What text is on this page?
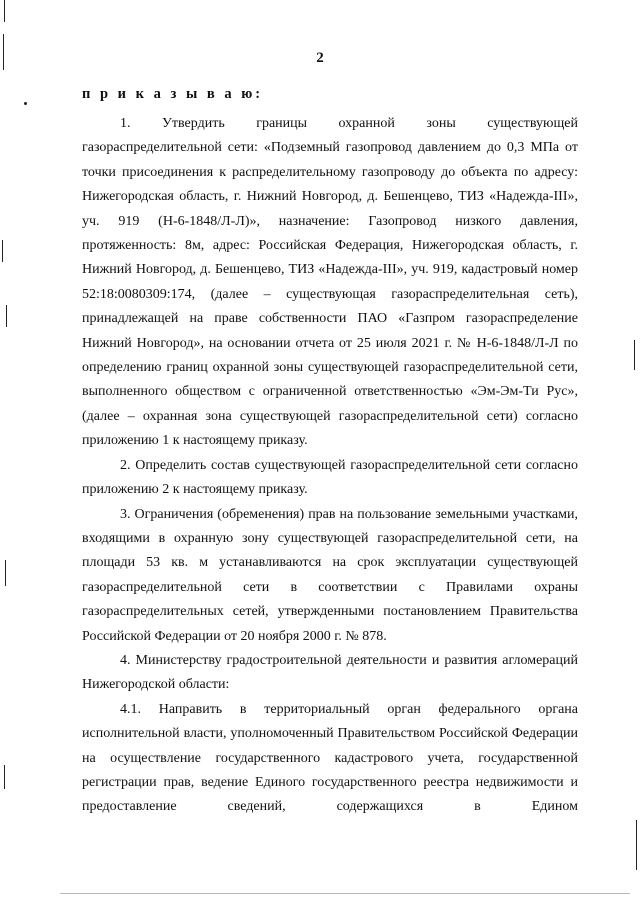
2
п р и к а з ы в а ю:

1. Утвердить границы охранной зоны существующей газораспределительной сети: «Подземный газопровод давлением до 0,3 МПа от точки присоединения к распределительному газопроводу до объекта по адресу: Нижегородская область, г. Нижний Новгород, д. Бешенцево, ТИЗ «Надежда-III», уч. 919 (Н-6-1848/Л-Л)», назначение: Газопровод низкого давления, протяженность: 8м, адрес: Российская Федерация, Нижегородская область, г. Нижний Новгород, д. Бешенцево, ТИЗ «Надежда-III», уч. 919, кадастровый номер 52:18:0080309:174, (далее – существующая газораспределительная сеть), принадлежащей на праве собственности ПАО «Газпром газораспределение Нижний Новгород», на основании отчета от 25 июля 2021 г. № Н-6-1848/Л-Л по определению границ охранной зоны существующей газораспределительной сети, выполненного обществом с ограниченной ответственностью «Эм-Эм-Ти Рус», (далее – охранная зона существующей газораспределительной сети) согласно приложению 1 к настоящему приказу.

2. Определить состав существующей газораспределительной сети согласно приложению 2 к настоящему приказу.

3. Ограничения (обременения) прав на пользование земельными участками, входящими в охранную зону существующей газораспределительной сети, на площади 53 кв. м устанавливаются на срок эксплуатации существующей газораспределительной сети в соответствии с Правилами охраны газораспределительных сетей, утвержденными постановлением Правительства Российской Федерации от 20 ноября 2000 г. № 878.

4. Министерству градостроительной деятельности и развития агломераций Нижегородской области:

4.1. Направить в территориальный орган федерального органа исполнительной власти, уполномоченный Правительством Российской Федерации на осуществление государственного кадастрового учета, государственной регистрации прав, ведение Единого государственного реестра недвижимости и предоставление сведений, содержащихся в Едином
